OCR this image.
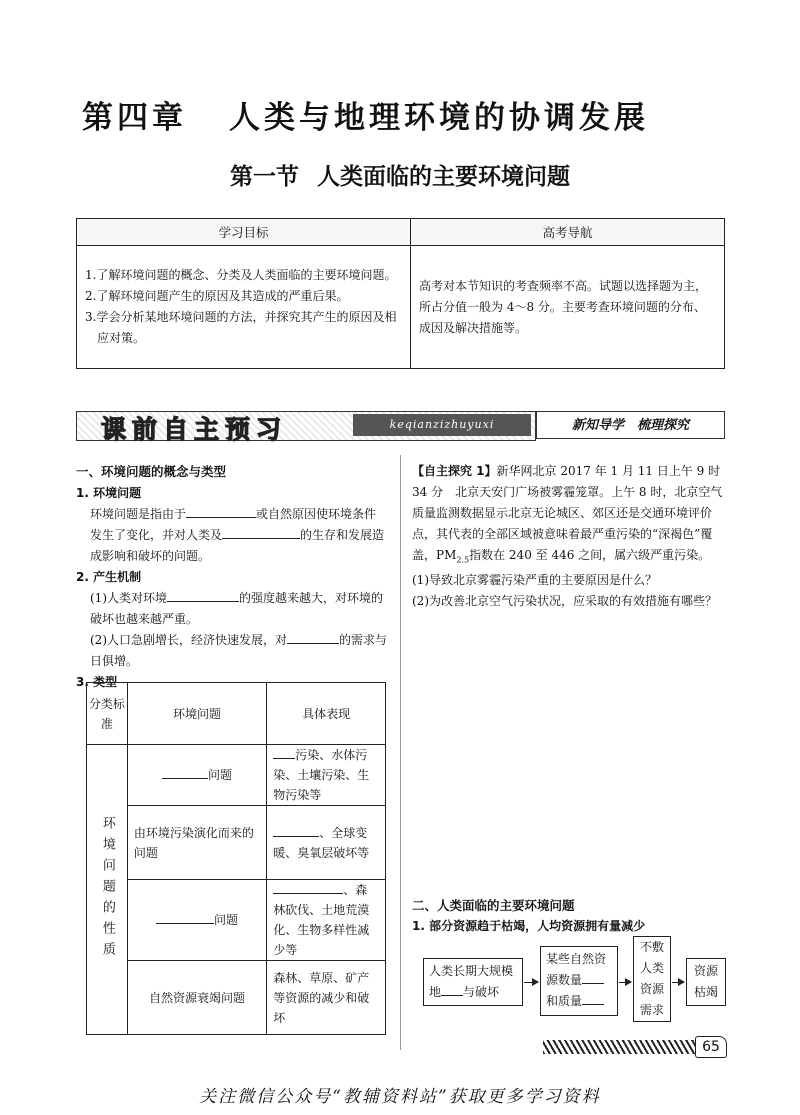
第四章 人类与地理环境的协调发展
第一节 人类面临的主要环境问题
学习目标	高考导航

1.了解环境问题的概念、分类及人类面临的主要环境问题。
2.了解环境问题产生的原因及其造成的严重后果。
3.学会分析某地环境问题的方法，并探究其产生的原因及相应对策。	高考对本节知识的考查频率不高。试题以选择题为主，所占分值一般为 4～8 分。主要考查环境问题的分布、成因及解决措施等。
课前自主预习	keqianzizhuyuxi	新知导学　梳理探究
一、环境问题的概念与类型
1. 环境问题
环境问题是指由于	或自然原因使环境条件发生了变化，并对人类及	的生存和发展造成影响和破坏的问题。
2. 产生机制
(1)人类对环境	的强度越来越大，对环境的破坏也越来越严重。
(2)人口急剧增长，经济快速发展，对	的需求与日俱增。
3. 类型
分类标准	环境问题	具体表现

环境问题的性质	问题	污染、水体污染、土壤污染、生物污染等
	由环境污染演化而来的问题	、全球变暖、臭氧层破坏等
	问题	、森林砍伐、土地荒漠化、生物多样性减少等
	自然资源衰竭问题	森林、草原、矿产等资源的减少和破坏
【自主探究 1】新华网北京 2017 年 1 月 11 日上午 9 时 34 分　北京天安门广场被雾霾笼罩。上午 8 时，北京空气质量监测数据显示北京无论城区、郊区还是交通环境评价点，其代表的全部区域被意味着最严重污染的“深褐色”覆盖，$PM_{2.5}$指数在 240 至 446 之间，属六级严重污染。
(1)导致北京雾霾污染严重的主要原因是什么？
(2)为改善北京空气污染状况，应采取的有效措施有哪些？
二、人类面临的主要环境问题
1. 部分资源趋于枯竭，人均资源拥有量减少
人类长期大规模
地 与破坏
某些自然资
源数量
和质量
不敷
人类
资源
需求
资源
枯竭
65
关注微信公众号“教辅资料站”获取更多学习资料
